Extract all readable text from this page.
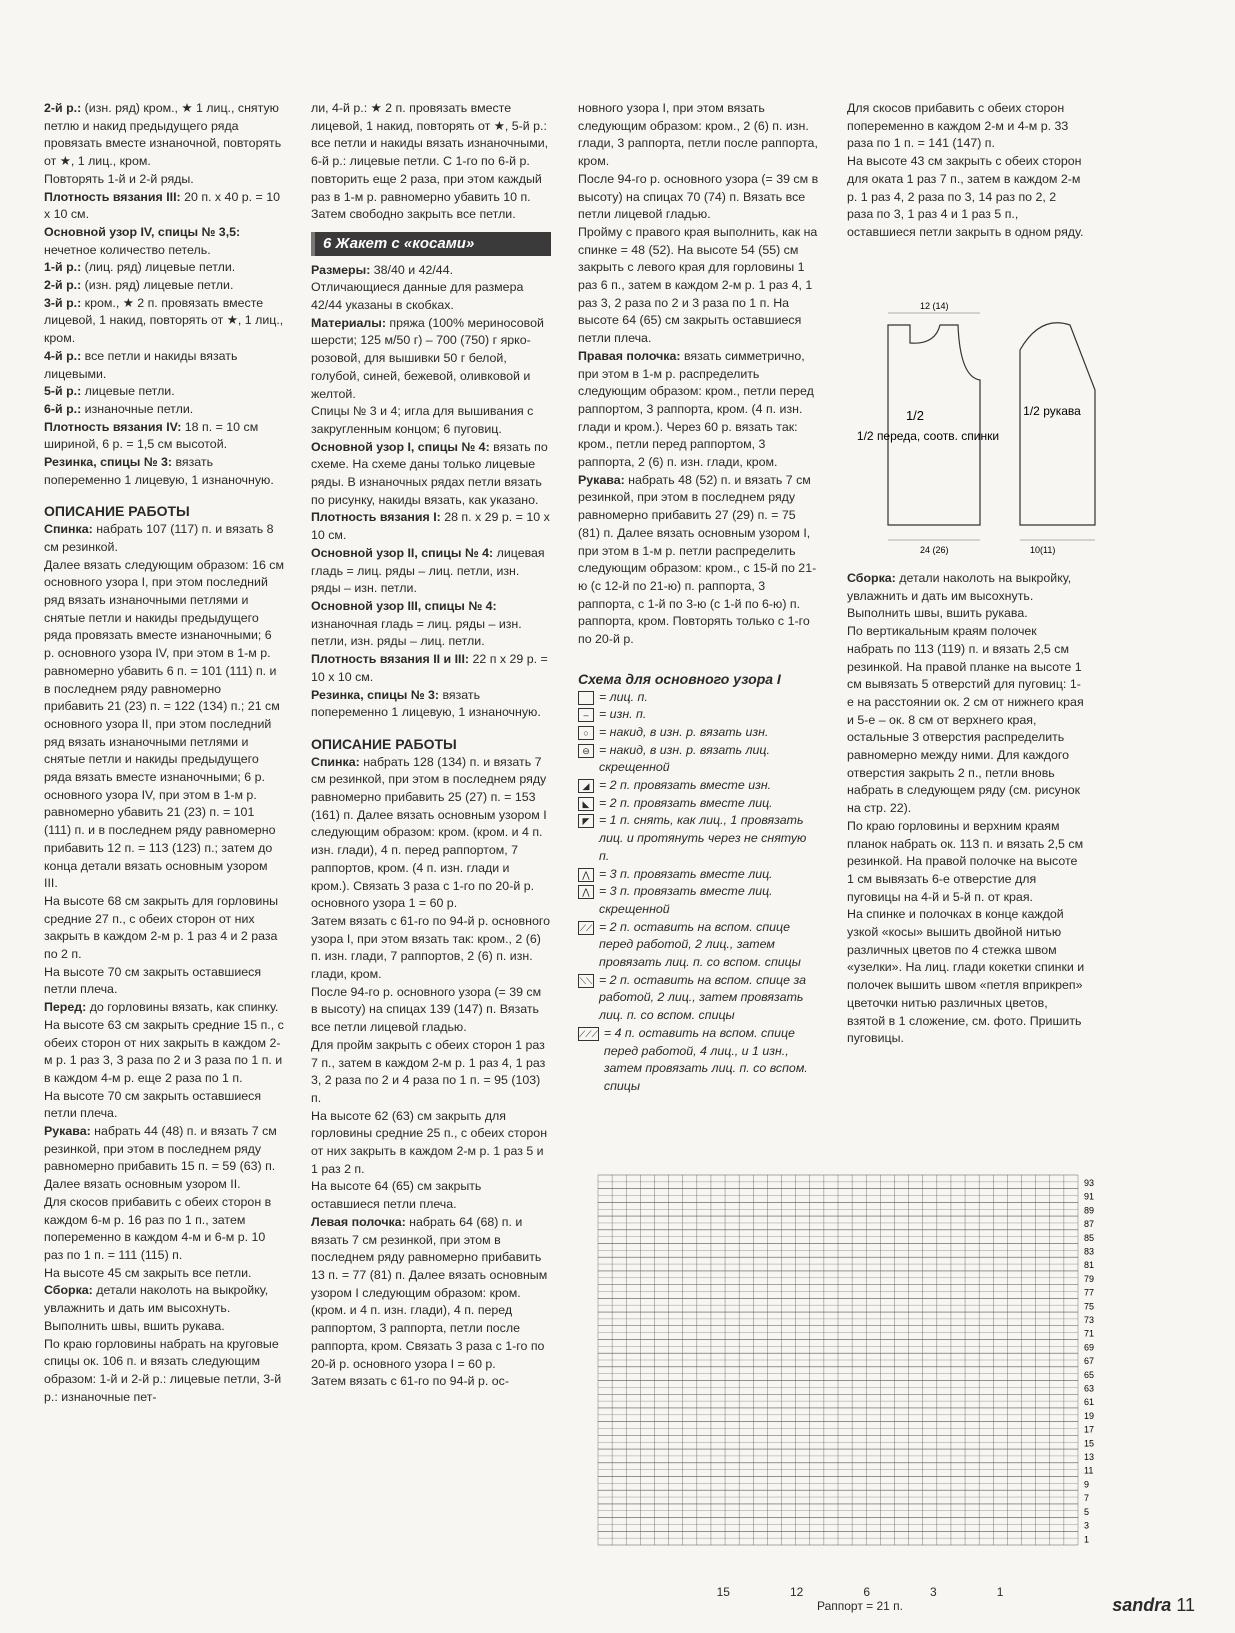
2-й р.: (изн. ряд) кром., ★ 1 лиц., снятую петлю и накид предыдущего ряда провязать вместе изнаночной, повторять от ★, 1 лиц., кром.

Повторять 1-й и 2-й ряды.

Плотность вязания III: 20 п. х 40 р. = 10 х 10 см.

Основной узор IV, спицы № 3,5: нечетное количество петель.

1-й р.: (лиц. ряд) лицевые петли.

2-й р.: (изн. ряд) лицевые петли.

3-й р.: кром., ★ 2 п. провязать вместе лицевой, 1 накид, повторять от ★, 1 лиц., кром.

4-й р.: все петли и накиды вязать лицевыми.

5-й р.: лицевые петли.

6-й р.: изнаночные петли.

Плотность вязания IV: 18 п. = 10 см шириной, 6 р. = 1,5 см высотой.

Резинка, спицы № 3: вязать попеременно 1 лицевую, 1 изнаночную.

ОПИСАНИЕ РАБОТЫ

Спинка: набрать 107 (117) п. и вязать 8 см резинкой.

Далее вязать следующим образом: 16 см основного узора I, при этом последний ряд вязать изнаночными петлями и снятые петли и накиды предыдущего ряда провязать вместе изнаночными; 6 р. основного узора IV, при этом в 1-м р. равномерно убавить 6 п. = 101 (111) п. и в последнем ряду равномерно прибавить 21 (23) п. = 122 (134) п.; 21 см основного узора II, при этом последний ряд вязать изнаночными петлями и снятые петли и накиды предыдущего ряда вязать вместе изнаночными; 6 р. основного узора IV, при этом в 1-м р. равномерно убавить 21 (23) п. = 101 (111) п. и в последнем ряду равномерно прибавить 12 п. = 113 (123) п.; затем до конца детали вязать основным узором III.

На высоте 68 см закрыть для горловины средние 27 п., с обеих сторон от них закрыть в каждом 2-м р. 1 раз 4 и 2 раза по 2 п.

На высоте 70 см закрыть оставшиеся петли плеча.

Перед: до горловины вязать, как спинку. На высоте 63 см закрыть средние 15 п., с обеих сторон от них закрыть в каждом 2-м р. 1 раз 3, 3 раза по 2 и 3 раза по 1 п. и в каждом 4-м р. еще 2 раза по 1 п.

На высоте 70 см закрыть оставшиеся петли плеча.

Рукава: набрать 44 (48) п. и вязать 7 см резинкой, при этом в последнем ряду равномерно прибавить 15 п. = 59 (63) п.

Далее вязать основным узором II.

Для скосов прибавить с обеих сторон в каждом 6-м р. 16 раз по 1 п., затем попеременно в каждом 4-м и 6-м р. 10 раз по 1 п. = 111 (115) п.

На высоте 45 см закрыть все петли.

Сборка: детали наколоть на выкройку, увлажнить и дать им высохнуть. Выполнить швы, вшить рукава.

По краю горловины набрать на круговые спицы ок. 106 п. и вязать следующим образом: 1-й и 2-й р.: лицевые петли, 3-й р.: изнаночные пет-

ли, 4-й р.: ★ 2 п. провязать вместе лицевой, 1 накид, повторять от ★, 5-й р.: все петли и накиды вязать изнаночными, 6-й р.: лицевые петли. С 1-го по 6-й р. повторить еще 2 раза, при этом каждый раз в 1-м р. равномерно убавить 10 п. Затем свободно закрыть все петли.

6 Жакет с «косами»

Размеры: 38/40 и 42/44.

Отличающиеся данные для размера 42/44 указаны в скобках.

Материалы: пряжа (100% мериносовой шерсти; 125 м/50 г) – 700 (750) г ярко-розовой, для вышивки 50 г белой, голубой, синей, бежевой, оливковой и желтой.

Спицы № 3 и 4; игла для вышивания с закругленным концом; 6 пуговиц.

Основной узор I, спицы № 4: вязать по схеме. На схеме даны только лицевые ряды. В изнаночных рядах петли вязать по рисунку, накиды вязать, как указано.

Плотность вязания I: 28 п. х 29 р. = 10 х 10 см.

Основной узор II, спицы № 4: лицевая гладь = лиц. ряды – лиц. петли, изн. ряды – изн. петли.

Основной узор III, спицы № 4: изнаночная гладь = лиц. ряды – изн. петли, изн. ряды – лиц. петли.

Плотность вязания II и III: 22 п х 29 р. = 10 х 10 см.

Резинка, спицы № 3: вязать попеременно 1 лицевую, 1 изнаночную.

ОПИСАНИЕ РАБОТЫ

Спинка: набрать 128 (134) п. и вязать 7 см резинкой, при этом в последнем ряду равномерно прибавить 25 (27) п. = 153 (161) п. Далее вязать основным узором I следующим образом: кром. (кром. и 4 п. изн. глади), 4 п. перед раппортом, 7 раппортов, кром. (4 п. изн. глади и кром.). Связать 3 раза с 1-го по 20-й р. основного узора 1 = 60 р.

Затем вязать с 61-го по 94-й р. основного узора I, при этом вязать так: кром., 2 (6) п. изн. глади, 7 раппортов, 2 (6) п. изн. глади, кром.

После 94-го р. основного узора (= 39 см в высоту) на спицах 139 (147) п. Вязать все петли лицевой гладью.

Для пройм закрыть с обеих сторон 1 раз 7 п., затем в каждом 2-м р. 1 раз 4, 1 раз 3, 2 раза по 2 и 4 раза по 1 п. = 95 (103) п.

На высоте 62 (63) см закрыть для горловины средние 25 п., с обеих сторон от них закрыть в каждом 2-м р. 1 раз 5 и 1 раз 2 п.

На высоте 64 (65) см закрыть оставшиеся петли плеча.

Левая полочка: набрать 64 (68) п. и вязать 7 см резинкой, при этом в последнем ряду равномерно прибавить 13 п. = 77 (81) п. Далее вязать основным узором I следующим образом: кром. (кром. и 4 п. изн. глади), 4 п. перед раппортом, 3 раппорта, петли после раппорта, кром. Связать 3 раза с 1-го по 20-й р. основного узора I = 60 р.

Затем вязать с 61-го по 94-й р. ос-

новного узора I, при этом вязать следующим образом: кром., 2 (6) п. изн. глади, 3 раппорта, петли после раппорта, кром.

После 94-го р. основного узора (= 39 см в высоту) на спицах 70 (74) п. Вязать все петли лицевой гладью.

Пройму с правого края выполнить, как на спинке = 48 (52). На высоте 54 (55) см закрыть с левого края для горловины 1 раз 6 п., затем в каждом 2-м р. 1 раз 4, 1 раз 3, 2 раза по 2 и 3 раза по 1 п. На высоте 64 (65) см закрыть оставшиеся петли плеча.

Правая полочка: вязать симметрично, при этом в 1-м р. распределить следующим образом: кром., петли перед раппортом, 3 раппорта, кром. (4 п. изн. глади и кром.). Через 60 р. вязать так: кром., петли перед раппортом, 3 раппорта, 2 (6) п. изн. глади, кром.

Рукава: набрать 48 (52) п. и вязать 7 см резинкой, при этом в последнем ряду равномерно прибавить 27 (29) п. = 75 (81) п. Далее вязать основным узором I, при этом в 1-м р. петли распределить следующим образом: кром., с 15-й по 21-ю (с 12-й по 21-ю) п. раппорта, 3 раппорта, с 1-й по 3-ю (с 1-й по 6-ю) п. раппорта, кром. Повторять только с 1-го по 20-й р.

Схема для основного узора I

= лиц. п.
– = изн. п.
○ = накид, в изн. р. вязать изн.
⊖ = накид, в изн. р. вязать лиц. скрещенной
◢ = 2 п. провязать вместе изн.
◣ = 2 п. провязать вместе лиц.
◤ = 1 п. снять, как лиц., 1 провязать лиц. и протянуть через не снятую п.
⋀ = 3 п. провязать вместе лиц.
⋀ = 3 п. провязать вместе лиц. скрещенной
⟋⟋ = 2 п. оставить на вспом. спице перед работой, 2 лиц., затем провязать лиц. п. со вспом. спицы
⟍⟍ = 2 п. оставить на вспом. спице за работой, 2 лиц., затем провязать лиц. п. со вспом. спицы
⟋⟋⟋ = 4 п. оставить на вспом. спице перед работой, 4 лиц., и 1 изн., затем провязать лиц. п. со вспом. спицы

Для скосов прибавить с обеих сторон попеременно в каждом 2-м и 4-м р. 33 раза по 1 п. = 141 (147) п.

На высоте 43 см закрыть с обеих сторон для оката 1 раз 7 п., затем в каждом 2-м р. 1 раз 4, 2 раза по 3, 14 раз по 2, 2 раза по 3, 1 раз 4 и 1 раз 5 п., оставшиеся петли закрыть в одном ряду.

Сборка: детали наколоть на выкройку, увлажнить и дать им высохнуть. Выполнить швы, вшить рукава.

По вертикальным краям полочек набрать по 113 (119) п. и вязать 2,5 см резинкой. На правой планке на высоте 1 см вывязать 5 отверстий для пуговиц: 1-е на расстоянии ок. 2 см от нижнего края и 5-е – ок. 8 см от верхнего края, остальные 3 отверстия распределить равномерно между ними. Для каждого отверстия закрыть 2 п., петли вновь набрать в следующем ряду (см. рисунок на стр. 22).

По краю горловины и верхним краям планок набрать ок. 113 п. и вязать 2,5 см резинкой. На правой полочке на высоте 1 см вывязать 6-е отверстие для пуговицы на 4-й и 5-й п. от края.

На спинке и полочках в конце каждой узкой «косы» вышить двойной нитью различных цветов по 4 стежка швом «узелки». На лиц. глади кокетки спинки и полочек вышить швом «петля вприкреп» цветочки нитью различных цветов, взятой в 1 сложение, см. фото. Пришить пуговицы.

1/2
1/2 переда, соотв. спинки
1/2 рукава
12 (14)
24 (26)	10(11)
93
91
89
87
85
83
81
79
77
75
73
71
69
67
65
63
61
19
17
15
13
11
9
7
5
3
1
15	12	6	3	1
Раппорт = 21 п.	sandra 11
